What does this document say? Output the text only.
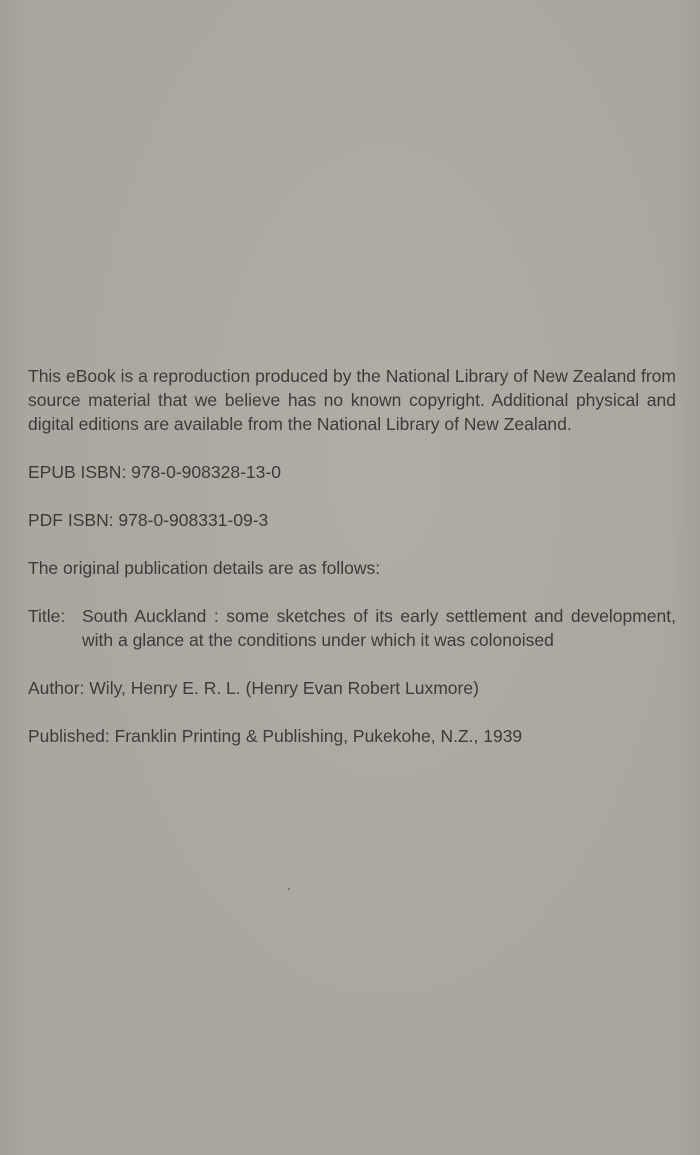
This eBook is a reproduction produced by the National Library of New Zealand from source material that we believe has no known copyright. Additional physical and digital editions are available from the National Library of New Zealand.

EPUB ISBN: 978-0-908328-13-0

PDF ISBN: 978-0-908331-09-3

The original publication details are as follows:

Title: South Auckland : some sketches of its early settlement and development, with a glance at the conditions under which it was colonoised

Author: Wily, Henry E. R. L. (Henry Evan Robert Luxmore)

Published: Franklin Printing & Publishing, Pukekohe, N.Z., 1939
